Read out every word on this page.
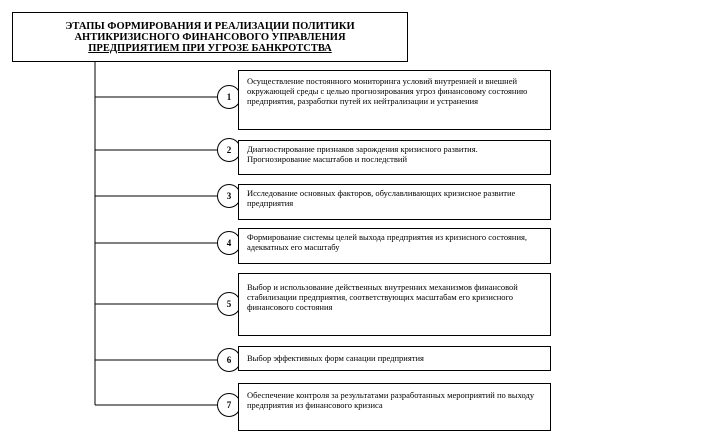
ЭТАПЫ ФОРМИРОВАНИЯ И РЕАЛИЗАЦИИ ПОЛИТИКИ
АНТИКРИЗИСНОГО ФИНАНСОВОГО УПРАВЛЕНИЯ
ПРЕДПРИЯТИЕМ ПРИ УГРОЗЕ БАНКРОТСТВА
1
Осуществление постоянного мониторинга условий внутренней и внешней окружающей среды с целью прогнозирования угроз финансовому состоянию предприятия, разработки путей их нейтрализации и устранения
2	Диагностирование признаков зарождения кризисного развития. Прогнозирование масштабов и последствий
3	Исследование основных факторов, обуславливающих кризисное развитие предприятия
4
Формирование системы целей выхода предприятия из кризисного состояния, адекватных его масштабу
5
Выбор и использование действенных внутренних механизмов финансовой стабилизации предприятия, соответствующих масштабам его кризисного финансового состояния
6	Выбор эффективных форм санации предприятия
7
Обеспечение контроля за результатами разработанных мероприятий по выходу предприятия из финансового кризиса
